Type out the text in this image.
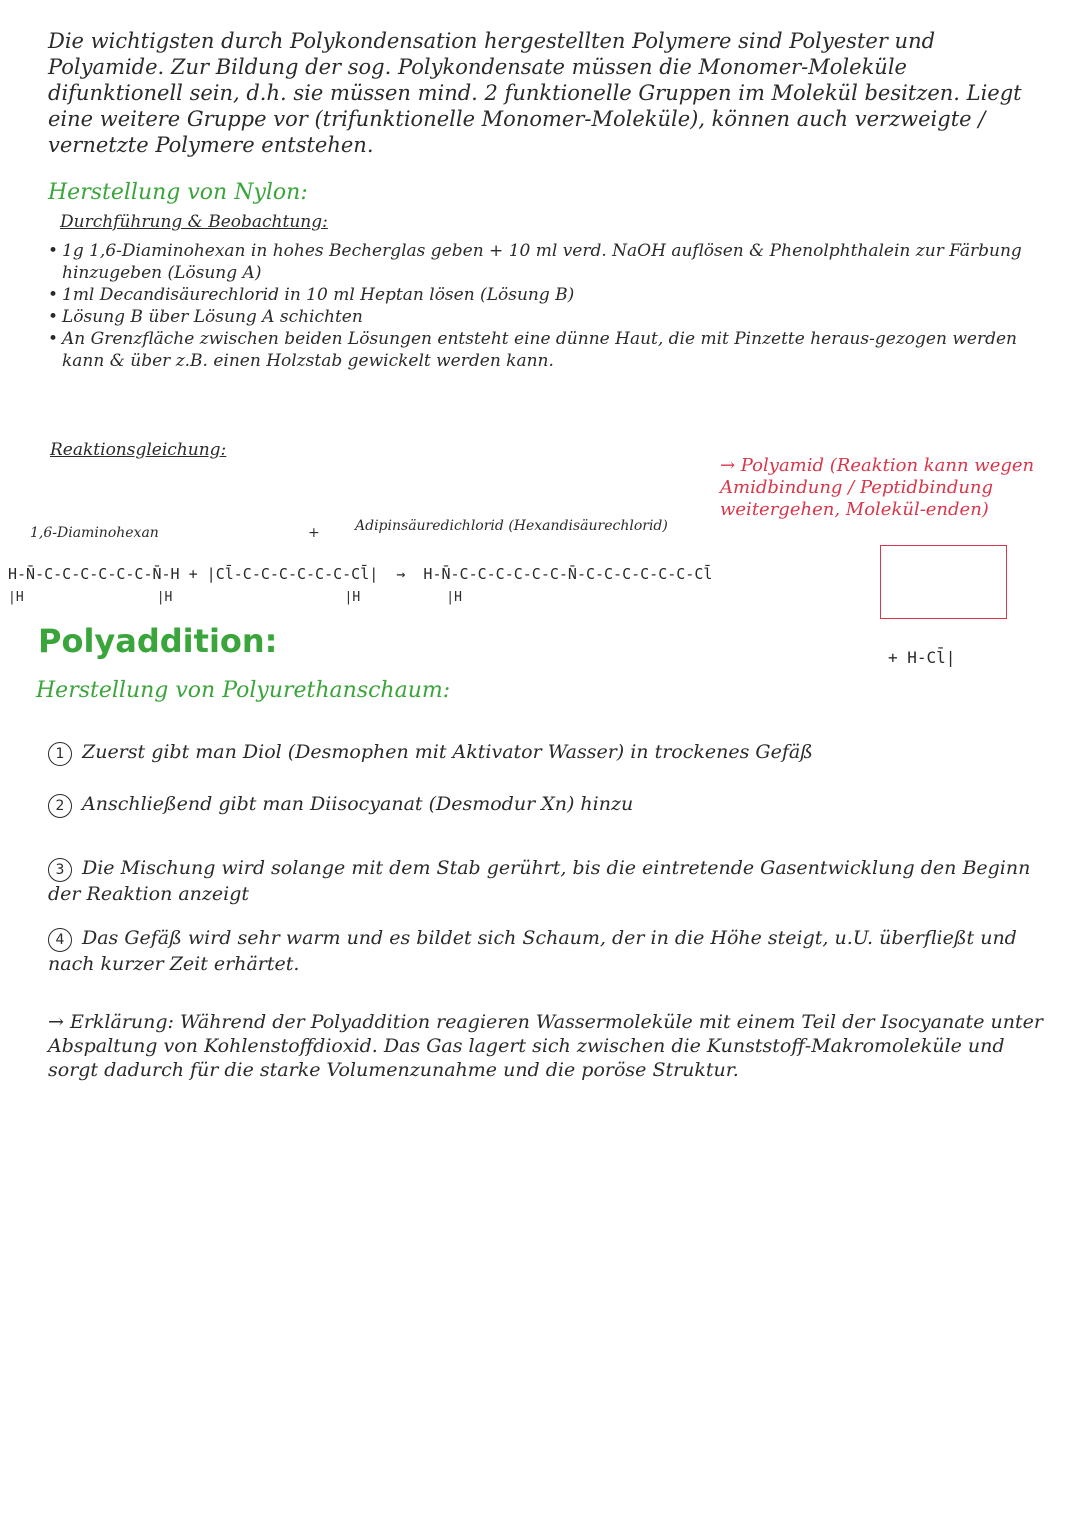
Die wichtigsten durch Polykondensation hergestellten Polymere sind Polyester und Polyamide. Zur Bildung der sog. Polykondensate müssen die Monomer-Moleküle difunktionell sein, d.h. sie müssen mind. 2 funktionelle Gruppen im Molekül besitzen. Liegt eine weitere Gruppe vor (trifunktionelle Monomer-Moleküle), können auch verzweigte / vernetzte Polymere entstehen.
Herstellung von Nylon:
Durchführung & Beobachtung:
• 1g 1,6-Diaminohexan in hohes Becherglas geben + 10 ml verd. NaOH auflösen & Phenolphthalein zur Färbung hinzugeben (Lösung A)
• 1ml Decandisäurechlorid in 10 ml Heptan lösen (Lösung B)
• Lösung B über Lösung A schichten
• An Grenzfläche zwischen beiden Lösungen entsteht eine dünne Haut, die mit Pinzette heraus-gezogen werden kann & über z.B. einen Holzstab gewickelt werden kann.
Reaktionsgleichung:
→ Polyamid (Reaktion kann wegen Amidbindung / Peptidbindung weitergehen, Molekül-enden)
1,6-Diaminohexan	+	Adipinsäuredichlorid (Hexandisäurechlorid)
H-N̄-C-C-C-C-C-C-N̄-H + |Cl̄-C-C-C-C-C-C-Cl̄|  →  H-N̄-C-C-C-C-C-C-N̄-C-C-C-C-C-C-Cl̄
|H                 |H                      |H           |H
+ H-Cl̄|
Polyaddition:
Herstellung von Polyurethanschaum:
1 Zuerst gibt man Diol (Desmophen mit Aktivator Wasser) in trockenes Gefäß
2 Anschließend gibt man Diisocyanat (Desmodur Xn) hinzu
3 Die Mischung wird solange mit dem Stab gerührt, bis die eintretende Gasentwicklung den Beginn der Reaktion anzeigt
4 Das Gefäß wird sehr warm und es bildet sich Schaum, der in die Höhe steigt, u.U. überfließt und nach kurzer Zeit erhärtet.
→ Erklärung: Während der Polyaddition reagieren Wassermoleküle mit einem Teil der Isocyanate unter Abspaltung von Kohlenstoffdioxid. Das Gas lagert sich zwischen die Kunststoff-Makromoleküle und sorgt dadurch für die starke Volumenzunahme und die poröse Struktur.
